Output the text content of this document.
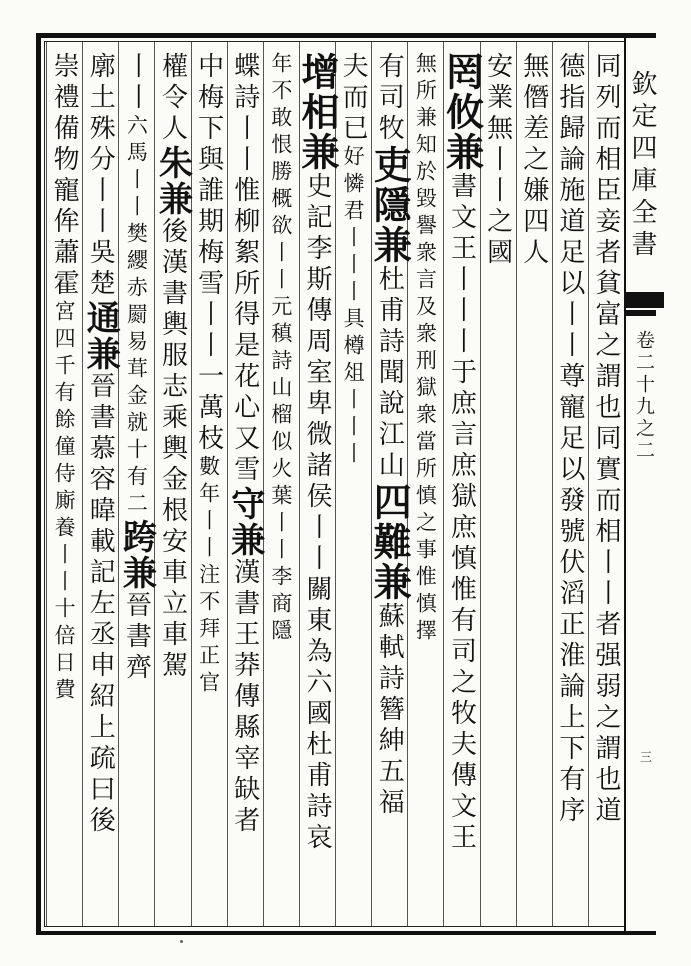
欽定四庫全書
卷二十九之二
三
同列而相臣妾者貧富之謂也同實而相丨丨者强弱之謂也道
德指歸論施道足以丨丨尊寵足以發號伏滔正淮論上下有序
無僭差之嫌四人
安業無丨丨之國
罔攸兼書文王丨丨丨于庶言庶獄庶慎惟有司之牧夫傳文王
無所兼知於毀譽衆言及衆刑獄衆當所慎之事惟慎擇
有司牧吏隱兼杜甫詩聞說江山四難兼蘇軾詩簪紳五福
夫而已好憐君丨丨丨具樽俎丨丨丨
增相兼史記李斯傳周室卑微諸侯丨丨關東為六國杜甫詩哀
年不敢恨勝概欲丨丨元稹詩山榴似火葉丨丨李商隱
蝶詩丨丨惟柳絮所得是花心又雪守兼漢書王莽傳縣宰缺者
中梅下與誰期梅雪丨丨一萬枝數年丨丨注不拜正官
權令人朱兼後漢書輿服志乘輿金根安車立車駕
丨丨六馬丨丨樊纓赤罽易茸金就十有二跨兼晉書齊
廓土殊分丨丨吳楚通兼晉書慕容暐載記左丞申紹上疏曰後
崇禮備物寵侔蕭霍宮四千有餘僮侍廝養丨丨十倍日費
